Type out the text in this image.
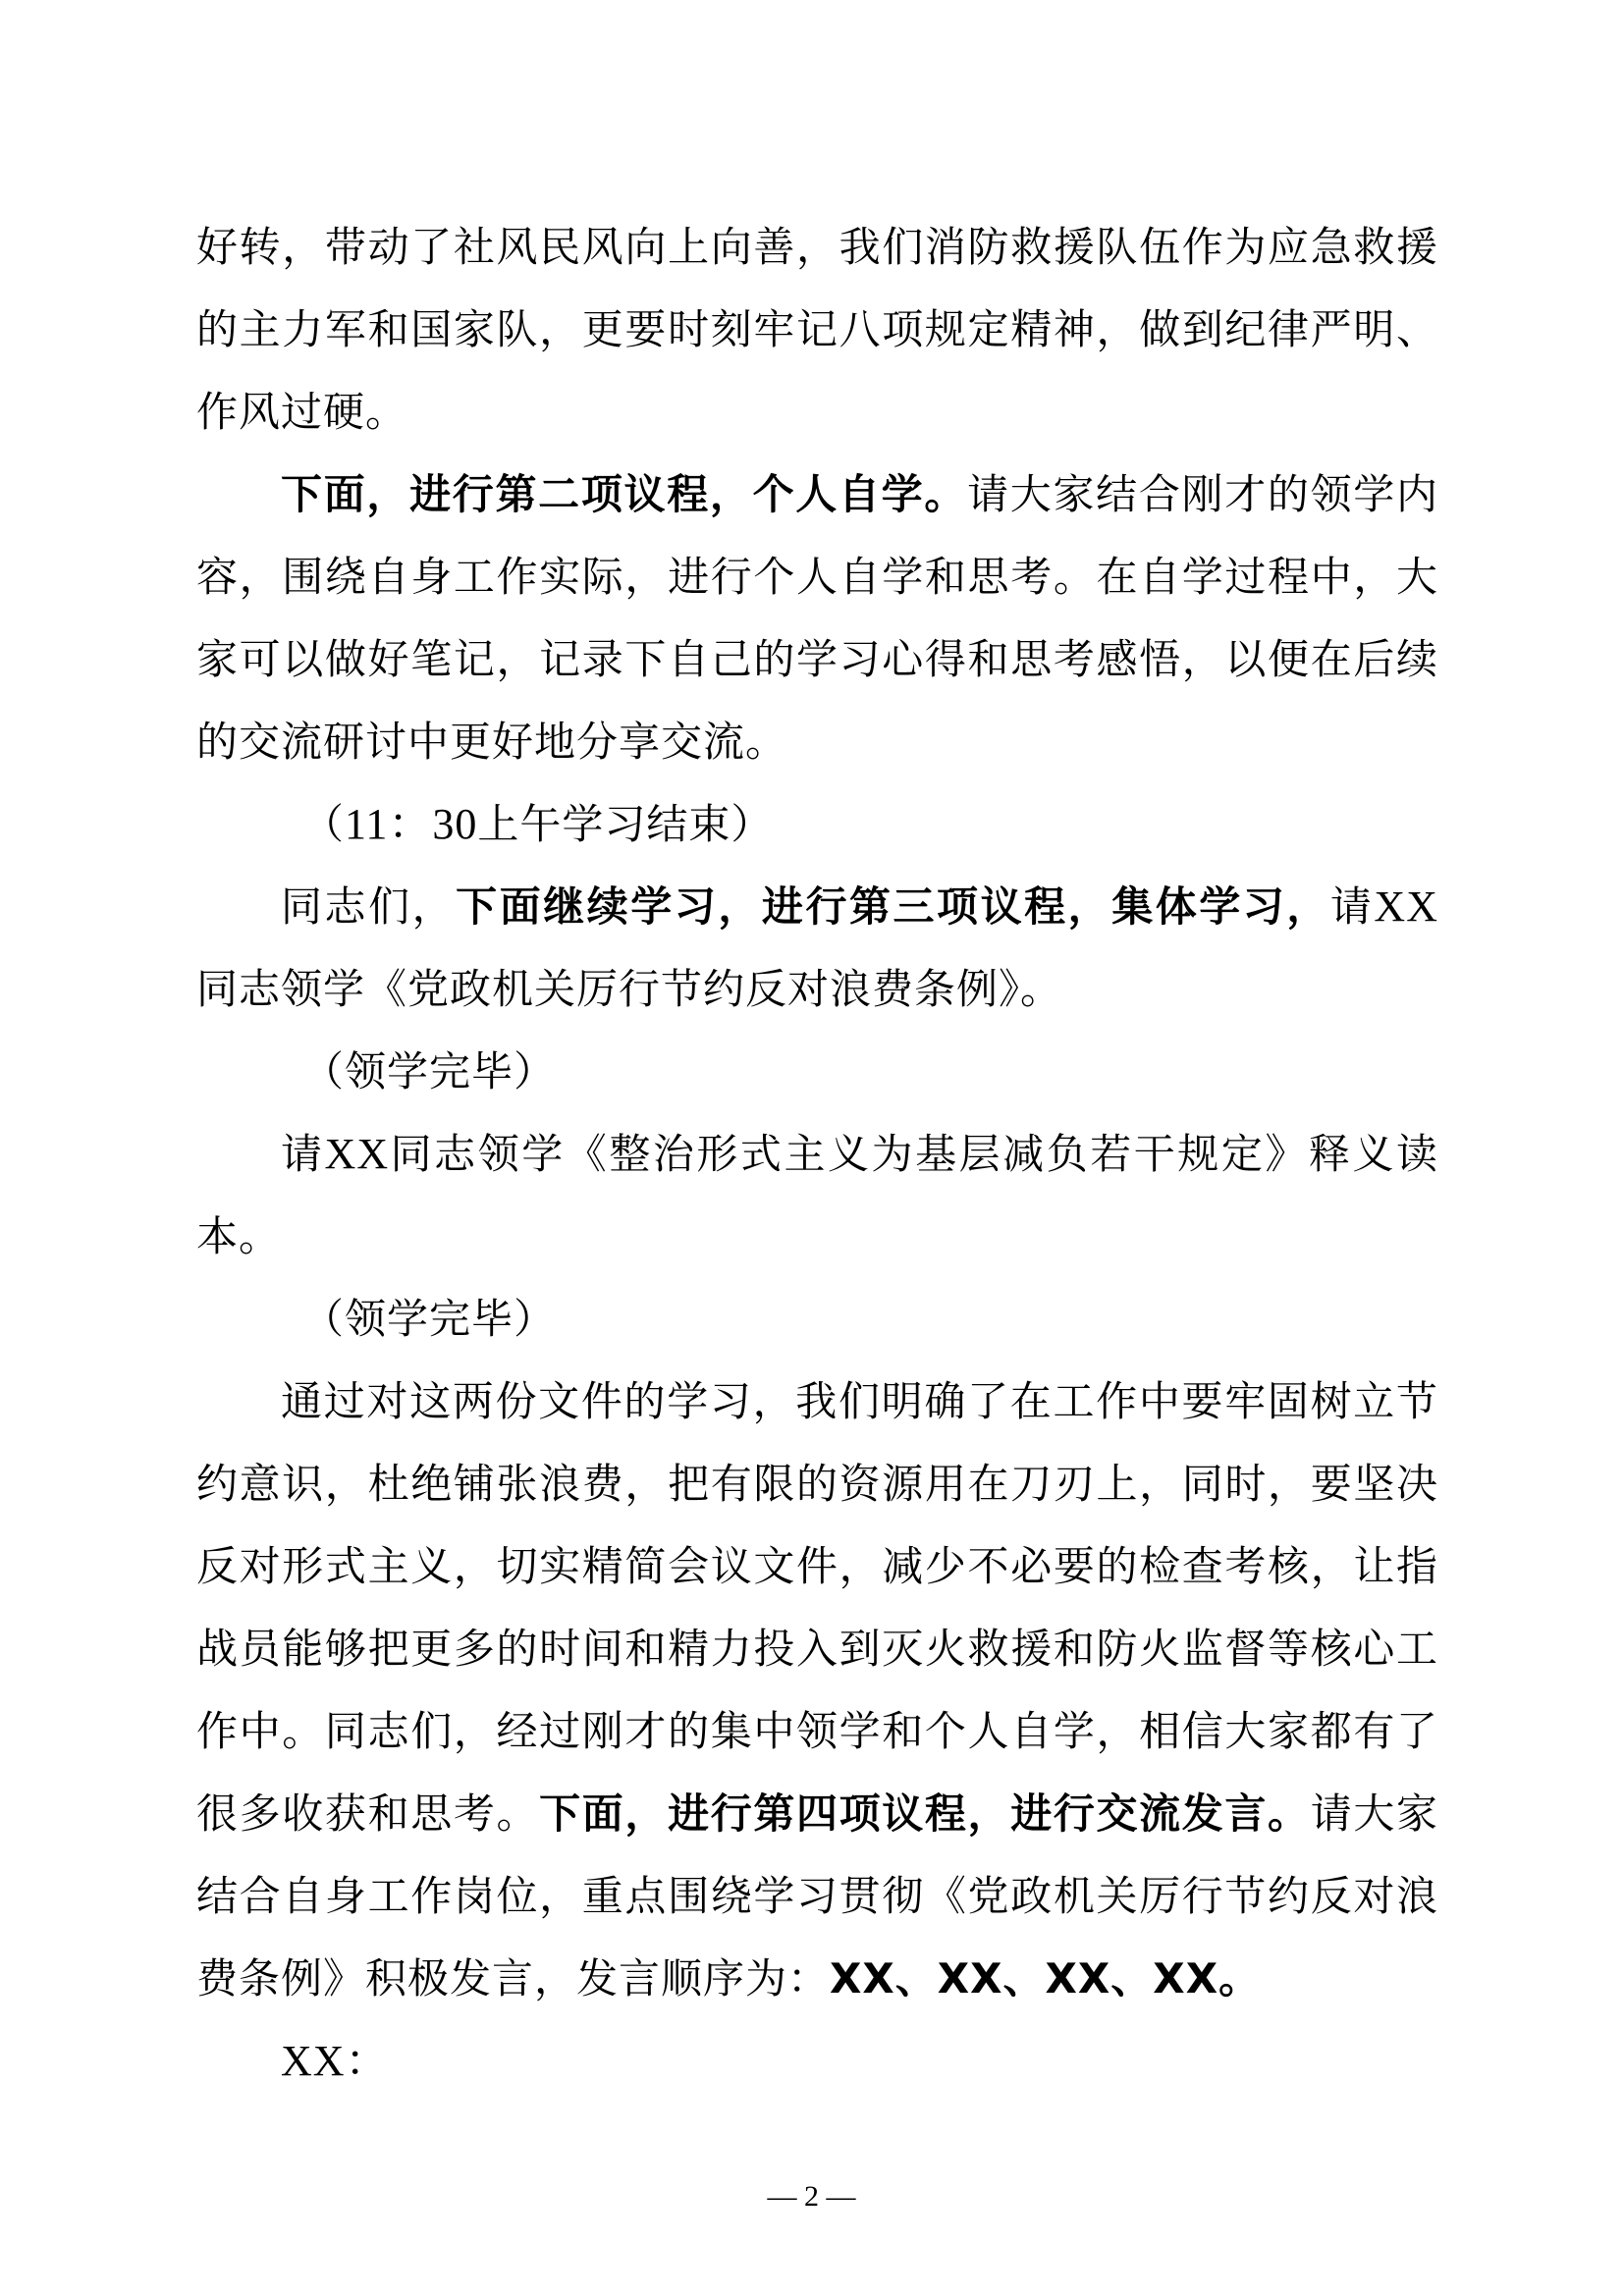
好转，带动了社风民风向上向善，我们消防救援队伍作为应急救援的主力军和国家队，更要时刻牢记八项规定精神，做到纪律严明、作风过硬。

下面，进行第二项议程，个人自学。请大家结合刚才的领学内容，围绕自身工作实际，进行个人自学和思考。在自学过程中，大家可以做好笔记，记录下自己的学习心得和思考感悟，以便在后续的交流研讨中更好地分享交流。

（11：30上午学习结束）

同志们，下面继续学习，进行第三项议程，集体学习，请XX同志领学《党政机关厉行节约反对浪费条例》。

（领学完毕）

请XX同志领学《整治形式主义为基层减负若干规定》释义读本。

（领学完毕）

通过对这两份文件的学习，我们明确了在工作中要牢固树立节约意识，杜绝铺张浪费，把有限的资源用在刀刃上，同时，要坚决反对形式主义，切实精简会议文件，减少不必要的检查考核，让指战员能够把更多的时间和精力投入到灭火救援和防火监督等核心工作中。同志们，经过刚才的集中领学和个人自学，相信大家都有了很多收获和思考。下面，进行第四项议程，进行交流发言。请大家结合自身工作岗位，重点围绕学习贯彻《党政机关厉行节约反对浪费条例》积极发言，发言顺序为：XX、XX、XX、XX。

XX：

— 2 —
